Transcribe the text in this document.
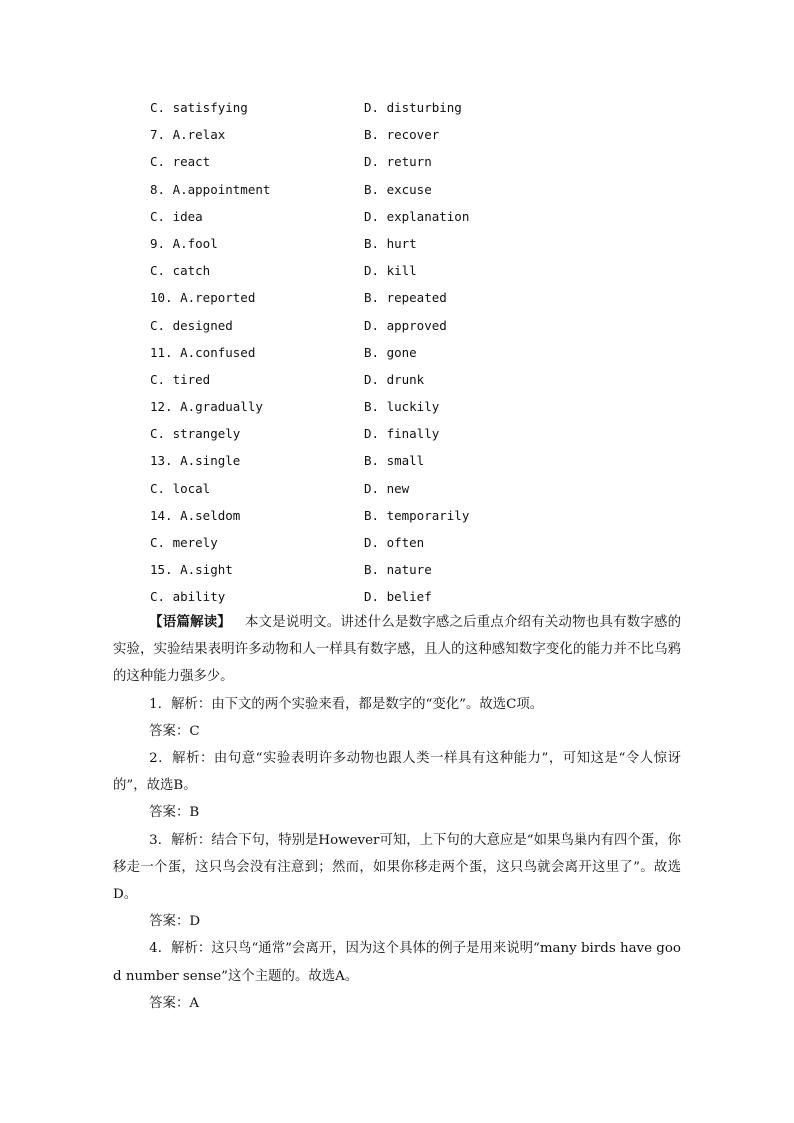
C. satisfying	D. disturbing
7. A.relax	B. recover
C. react	D. return
8. A.appointment	B. excuse
C. idea	D. explanation
9. A.fool	B. hurt
C. catch	D. kill
10. A.reported	B. repeated
C. designed	D. approved
11. A.confused	B. gone
C. tired	D. drunk
12. A.gradually	B. luckily
C. strangely	D. finally
13. A.single	B. small
C. local	D. new
14. A.seldom	B. temporarily
C. merely	D. often
15. A.sight	B. nature
C. ability	D. belief

【语篇解读】 本文是说明文。讲述什么是数字感之后重点介绍有关动物也具有数字感的实验，实验结果表明许多动物和人一样具有数字感，且人的这种感知数字变化的能力并不比乌鸦的这种能力强多少。

1．解析：由下文的两个实验来看，都是数字的“变化”。故选C项。

答案：C

2．解析：由句意“实验表明许多动物也跟人类一样具有这种能力”，可知这是“令人惊讶的”，故选B。

答案：B

3．解析：结合下句，特别是However可知，上下句的大意应是“如果鸟巢内有四个蛋，你移走一个蛋，这只鸟会没有注意到；然而，如果你移走两个蛋，这只鸟就会离开这里了”。故选D。

答案：D

4．解析：这只鸟“通常”会离开，因为这个具体的例子是用来说明“many birds have good number sense”这个主题的。故选A。

答案：A
